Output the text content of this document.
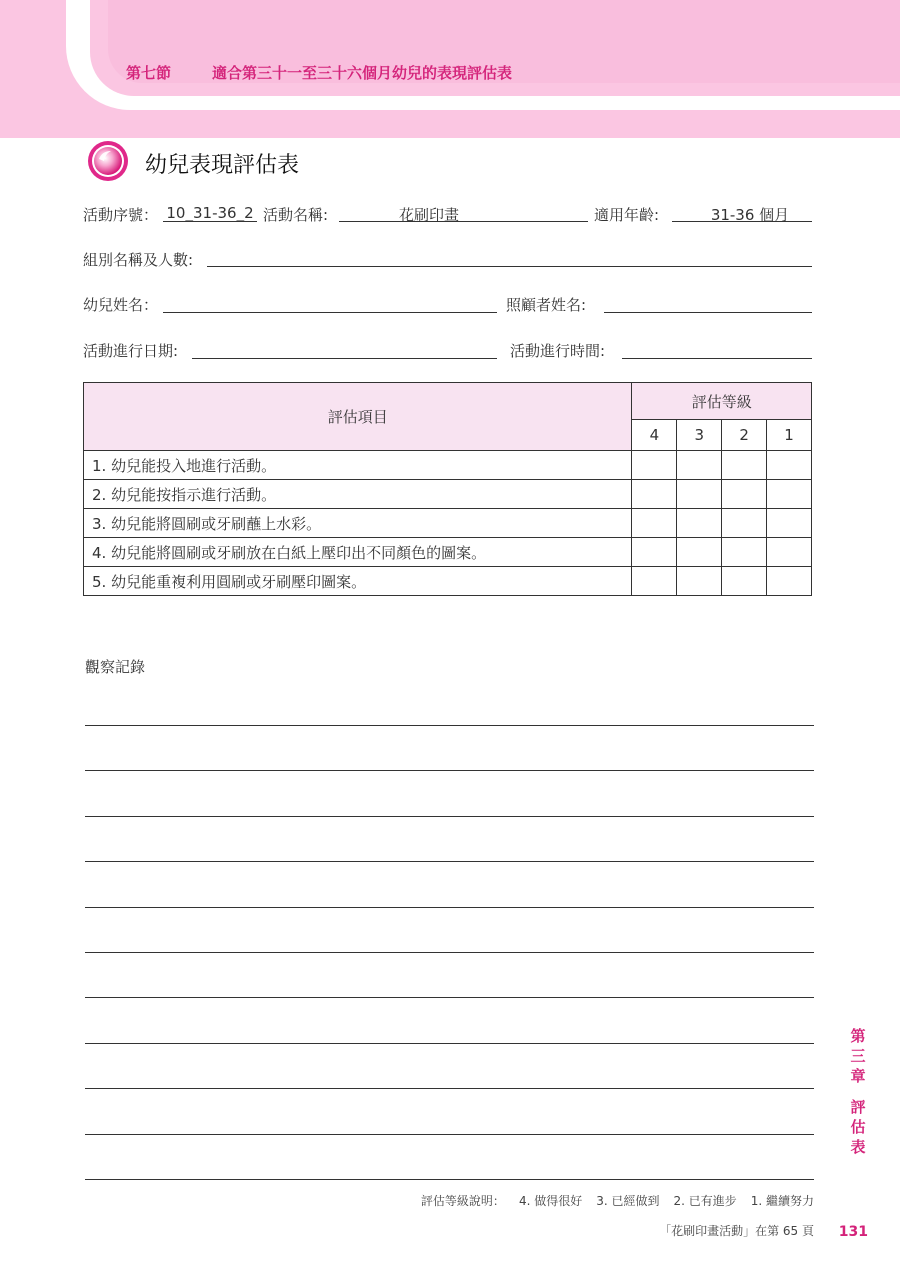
第七節	適合第三十一至三十六個月幼兒的表現評估表
幼兒表現評估表
活動序號： 10_31-36_2 活動名稱:	花刷印畫	適用年齡:	31-36 個月
組別名稱及人數:
幼兒姓名：	照顧者姓名:
活動進行日期:	活動進行時間:
評估項目	評估等級			
	4	3	2	1
1. 幼兒能投入地進行活動。				
2. 幼兒能按指示進行活動。				
3. 幼兒能將圓刷或牙刷蘸上水彩。				
4. 幼兒能將圓刷或牙刷放在白紙上壓印出不同顏色的圖案。				
5. 幼兒能重複利用圓刷或牙刷壓印圖案。				
觀察記錄
第三章
評估表
評估等級說明： 4. 做得很好 3. 已經做到 2. 已有進步 1. 繼續努力
「花刷印畫活動」在第 65 頁 131
